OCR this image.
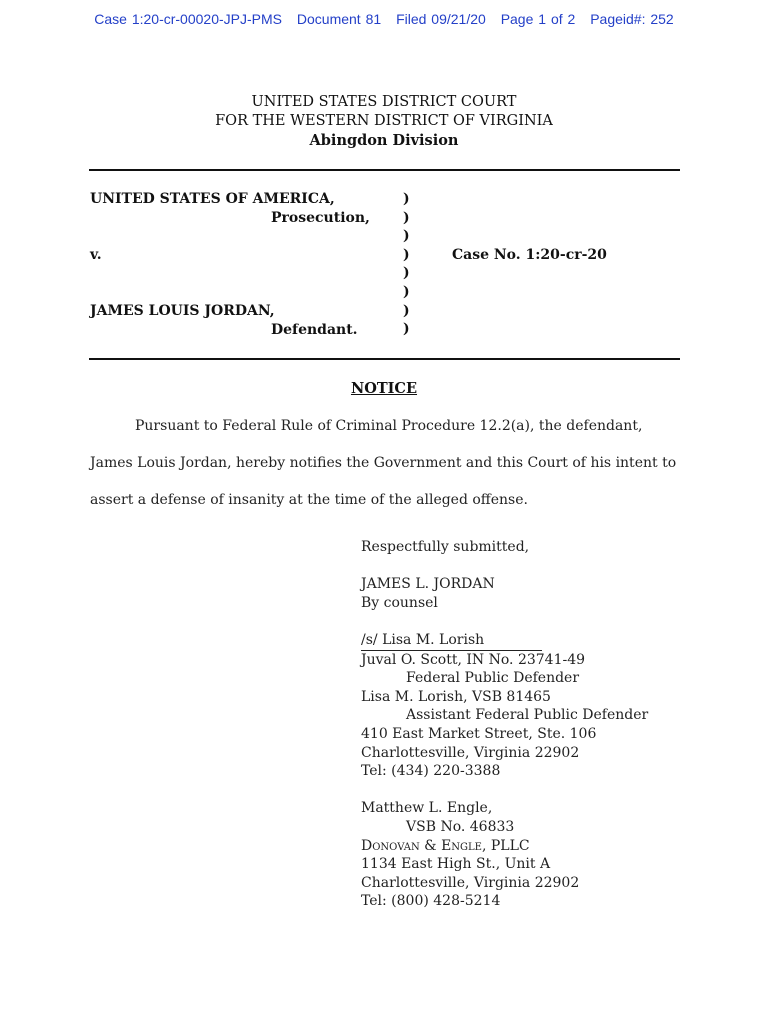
Case 1:20-cr-00020-JPJ-PMS Document 81 Filed 09/21/20 Page 1 of 2 Pageid#: 252
UNITED STATES DISTRICT COURT
FOR THE WESTERN DISTRICT OF VIRGINIA
Abingdon Division
UNITED STATES OF AMERICA,
Prosecution,
v.	Case No. 1:20-cr-20
JAMES LOUIS JORDAN,
Defendant.
)
)
)
)
)
)
)
)
NOTICE
Pursuant to Federal Rule of Criminal Procedure 12.2(a), the defendant,
James Louis Jordan, hereby notifies the Government and this Court of his intent to
assert a defense of insanity at the time of the alleged offense.
Respectfully submitted,
JAMES L. JORDAN
By counsel
/s/ Lisa M. Lorish
Juval O. Scott, IN No. 23741-49
Federal Public Defender
Lisa M. Lorish, VSB 81465
Assistant Federal Public Defender
410 East Market Street, Ste. 106
Charlottesville, Virginia 22902
Tel: (434) 220-3388
Matthew L. Engle,
VSB No. 46833
Donovan & Engle, PLLC
1134 East High St., Unit A
Charlottesville, Virginia 22902
Tel: (800) 428-5214
